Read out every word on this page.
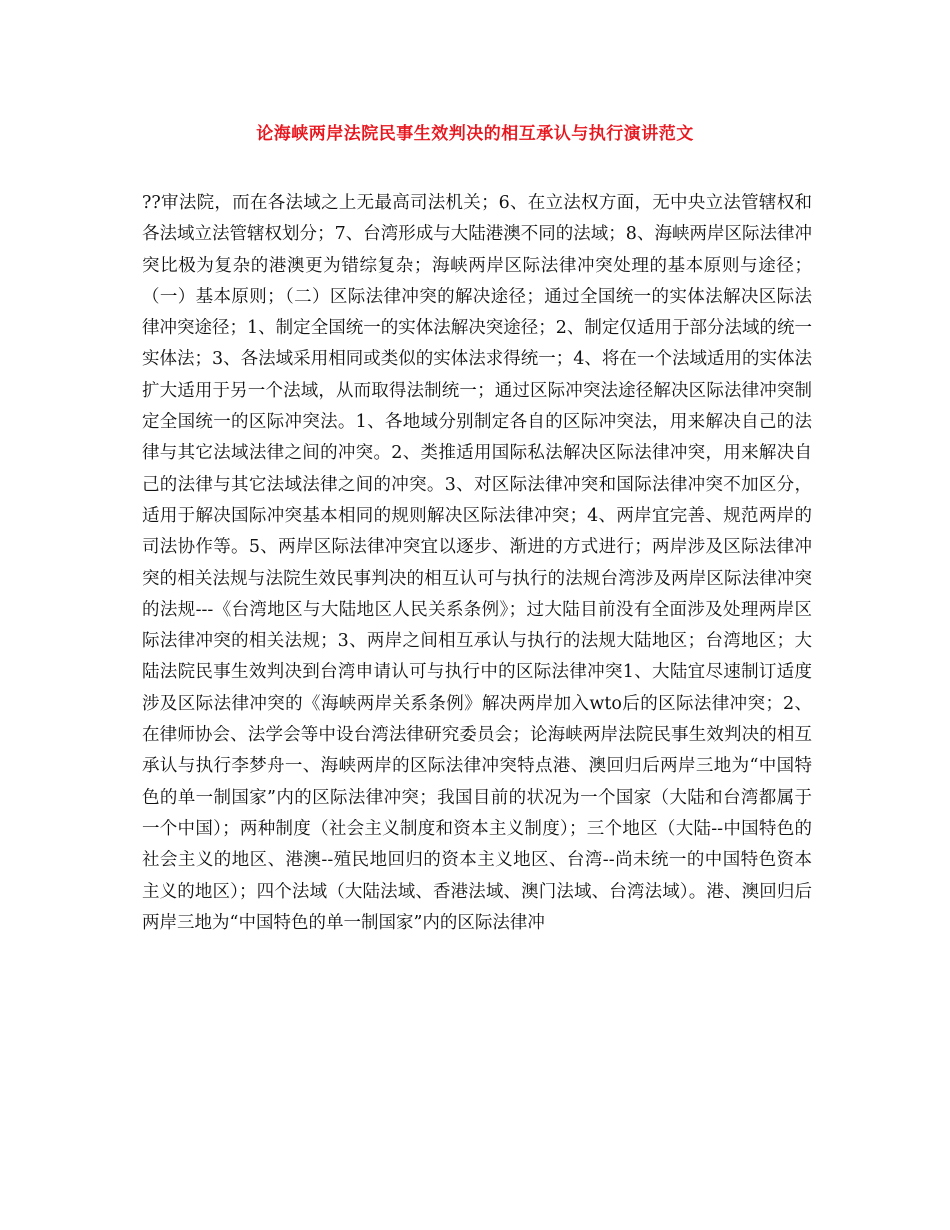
论海峡两岸法院民事生效判决的相互承认与执行演讲范文

??审法院，而在各法域之上无最高司法机关；6、在立法权方面，无中央立法管辖权和各法域立法管辖权划分；7、台湾形成与大陆港澳不同的法域；8、海峡两岸区际法律冲突比极为复杂的港澳更为错综复杂；海峡两岸区际法律冲突处理的基本原则与途径；（一）基本原则；（二）区际法律冲突的解决途径；通过全国统一的实体法解决区际法律冲突途径；1、制定全国统一的实体法解决突途径；2、制定仅适用于部分法域的统一实体法；3、各法域采用相同或类似的实体法求得统一；4、将在一个法域适用的实体法扩大适用于另一个法域，从而取得法制统一；通过区际冲突法途径解决区际法律冲突制定全国统一的区际冲突法。1、各地域分别制定各自的区际冲突法，用来解决自己的法律与其它法域法律之间的冲突。2、类推适用国际私法解决区际法律冲突，用来解决自己的法律与其它法域法律之间的冲突。3、对区际法律冲突和国际法律冲突不加区分，适用于解决国际冲突基本相同的规则解决区际法律冲突；4、两岸宜完善、规范两岸的司法协作等。5、两岸区际法律冲突宜以逐步、渐进的方式进行；两岸涉及区际法律冲突的相关法规与法院生效民事判决的相互认可与执行的法规台湾涉及两岸区际法律冲突的法规---《台湾地区与大陆地区人民关系条例》；过大陆目前没有全面涉及处理两岸区际法律冲突的相关法规；3、两岸之间相互承认与执行的法规大陆地区；台湾地区；大陆法院民事生效判决到台湾申请认可与执行中的区际法律冲突1、大陆宜尽速制订适度涉及区际法律冲突的《海峡两岸关系条例》解决两岸加入wto后的区际法律冲突；2、在律师协会、法学会等中设台湾法律研究委员会；论海峡两岸法院民事生效判决的相互承认与执行李梦舟一、海峡两岸的区际法律冲突特点港、澳回归后两岸三地为“中国特色的单一制国家”内的区际法律冲突；我国目前的状况为一个国家（大陆和台湾都属于一个中国）；两种制度（社会主义制度和资本主义制度）；三个地区（大陆--中国特色的社会主义的地区、港澳--殖民地回归的资本主义地区、台湾--尚未统一的中国特色资本主义的地区）；四个法域（大陆法域、香港法域、澳门法域、台湾法域）。港、澳回归后两岸三地为“中国特色的单一制国家”内的区际法律冲
